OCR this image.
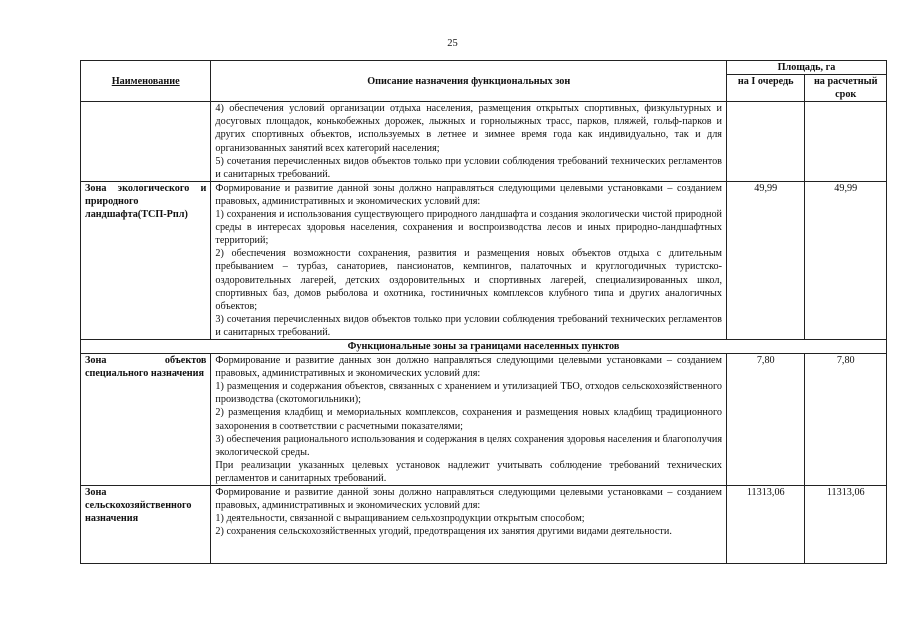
25
Наименование	Описание назначения функциональных зон	Площадь, га	
		на I очередь	на расчетный срок

	4) обеспечения условий организации отдыха населения, размещения открытых спортивных, физкультурных и досуговых площадок, конькобежных дорожек, лыжных и горнолыжных трасс, парков, пляжей, гольф-парков и других спортивных объектов, используемых в летнее и зимнее время года как индивидуально, так и для организованных занятий всех категорий населения;

5) сочетания перечисленных видов объектов только при условии соблюдения требований технических регламентов и санитарных требований.		

Зона экологического и природного ландшафта(ТСП-Рпл)	Формирование и развитие данной зоны должно направляться следующими целевыми установками – созданием правовых, административных и экономических условий для:

1) сохранения и использования существующего природного ландшафта и создания экологически чистой природной среды в интересах здоровья населения, сохранения и воспроизводства лесов и иных природно-ландшафтных территорий;

2) обеспечения возможности сохранения, развития и размещения новых объектов отдыха с длительным пребыванием – турбаз, санаториев, пансионатов, кемпингов, палаточных и круглогодичных туристско-оздоровительных лагерей, детских оздоровительных и спортивных лагерей, специализированных школ, спортивных баз, домов рыболова и охотника, гостиничных комплексов клубного типа и других аналогичных объектов;

3) сочетания перечисленных видов объектов только при условии соблюдения требований технических регламентов и санитарных требований.	49,99	49,99
Функциональные зоны за границами населенных пунктов			
Зона объектов специального назначения	Формирование и развитие данных зон должно направляться следующими целевыми установками – созданием правовых, административных и экономических условий для:

1) размещения и содержания объектов, связанных с хранением и утилизацией ТБО, отходов сельскохозяйственного производства (скотомогильники);

2) размещения кладбищ и мемориальных комплексов, сохранения и размещения новых кладбищ традиционного захоронения в соответствии с расчетными показателями;

3) обеспечения рационального использования и содержания в целях сохранения здоровья населения и благополучия экологической среды.

При реализации указанных целевых установок надлежит учитывать соблюдение требований технических регламентов и санитарных требований.	7,80	7,80
Зона сельскохозяйственного назначения	Формирование и развитие данной зоны должно направляться следующими целевыми установками – созданием правовых, административных и экономических условий для:

1) деятельности, связанной с выращиванием сельхозпродукции открытым способом;

2) сохранения сельскохозяйственных угодий, предотвращения их занятия другими видами деятельности.	11313,06	11313,06
